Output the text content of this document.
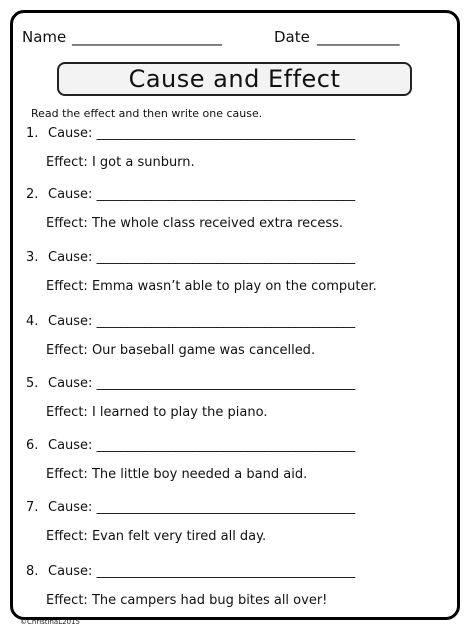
Name ____________________	Date ___________
Cause and Effect
Read the effect and then write one cause.
1. Cause: ___________________________________________
Effect: I got a sunburn.
2. Cause: ___________________________________________
Effect: The whole class received extra recess.
3. Cause: ___________________________________________
Effect: Emma wasn’t able to play on the computer.
4. Cause: ___________________________________________
Effect: Our baseball game was cancelled.
5. Cause: ___________________________________________
Effect: I learned to play the piano.
6. Cause: ___________________________________________
Effect: The little boy needed a band aid.
7. Cause: ___________________________________________
Effect: Evan felt very tired all day.
8. Cause: ___________________________________________
Effect: The campers had bug bites all over!
©ChristinaL2015
